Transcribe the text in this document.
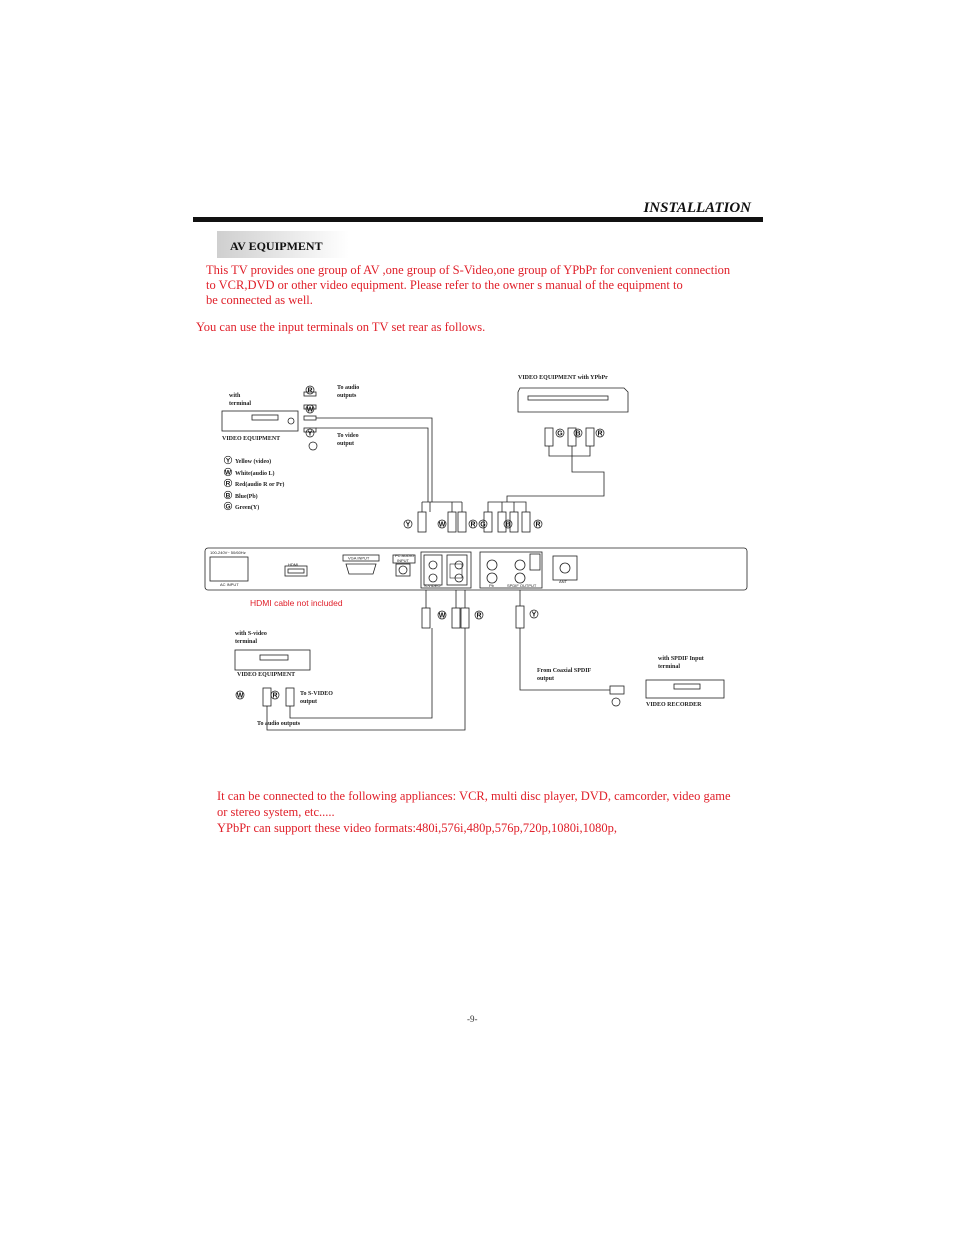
INSTALLATION
AV EQUIPMENT
This TV provides one group of AV ,one group of S-Video,one group of YPbPr for convenient connection
to VCR,DVD or other video equipment. Please refer to the owner s manual of the equipment to
be connected as well.
You can use the input terminals on TV set rear as follows.
R
W
Y
Y	W	R G	B	R
G B R
W	R	Y
W	R
Y
W
R
B
G
100-240V~ 50/60Hz
AC INPUT
VGA INPUT	PC AUDIO
INPUT
S-VIDEO	Pb	SPDIF OUTPUT
ANT
HDMI
with
terminal
VIDEO EQUIPMENT
To audio
outputs
To video
output
Yellow (video)
White(audio L)
Red(audio R or Pr)
Blue(Pb)
Green(Y)
VIDEO EQUIPMENT with YPbPr
HDMI cable not included
with S-video
terminal
VIDEO EQUIPMENT
To S-VIDEO
output
To audio outputs
with SPDIF Input
terminal
From Coaxial SPDIF
output
VIDEO RECORDER
It can be connected to the following appliances: VCR, multi disc player, DVD, camcorder, video game
or stereo system, etc.....
YPbPr can support these video formats:480i,576i,480p,576p,720p,1080i,1080p,
-9-
